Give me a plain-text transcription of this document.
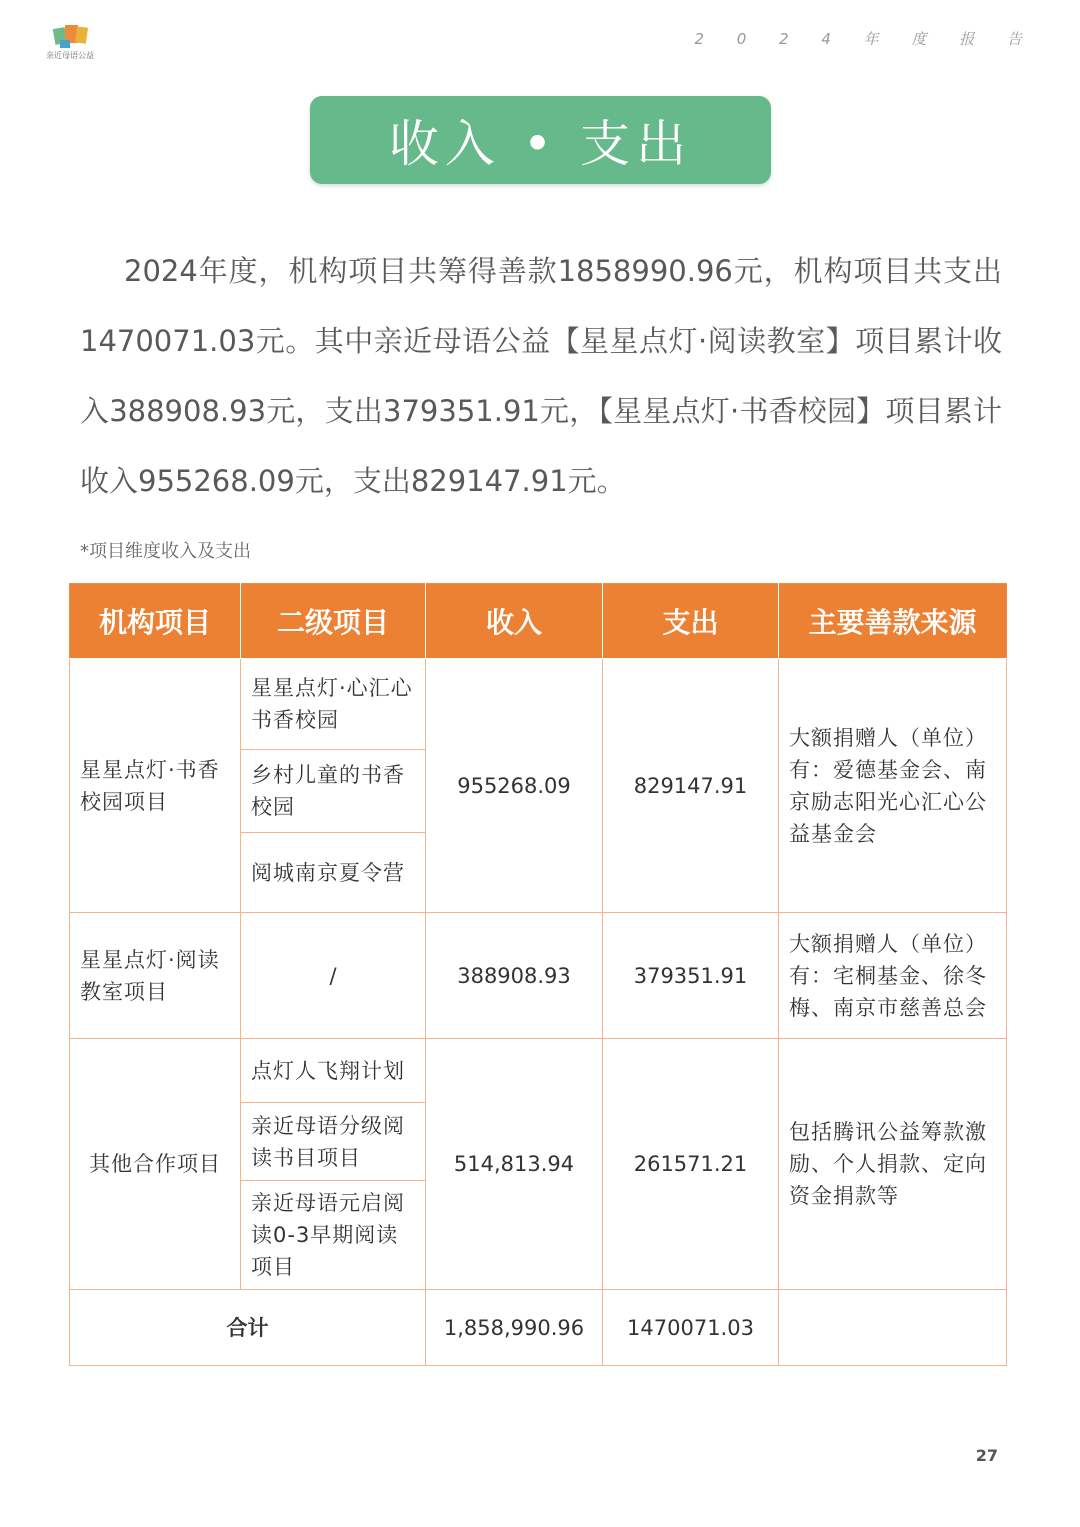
亲近母语公益
2 0 2 4 年 度 报 告
收入 • 支出

2024年度，机构项目共筹得善款1858990.96元，机构项目共支出1470071.03元。其中亲近母语公益【星星点灯·阅读教室】项目累计收入388908.93元，支出379351.91元，【星星点灯·书香校园】项目累计收入955268.09元，支出829147.91元。

*项目维度收入及支出
机构项目	二级项目	收入	支出	主要善款来源
星星点灯·书香校园项目	星星点灯·心汇心书香校园	955268.09	829147.91	大额捐赠人（单位）有：爱德基金会、南京励志阳光心汇心公益基金会
	乡村儿童的书香校园			
	阅城南京夏令营			
星星点灯·阅读教室项目	/	388908.93	379351.91	大额捐赠人（单位）有：宅桐基金、徐冬梅、南京市慈善总会
其他合作项目	点灯人飞翔计划	514,813.94	261571.21	包括腾讯公益筹款激励、个人捐款、定向资金捐款等
	亲近母语分级阅读书目项目			
	亲近母语元启阅读0-3早期阅读项目			
合计		1,858,990.96	1470071.03	
27
